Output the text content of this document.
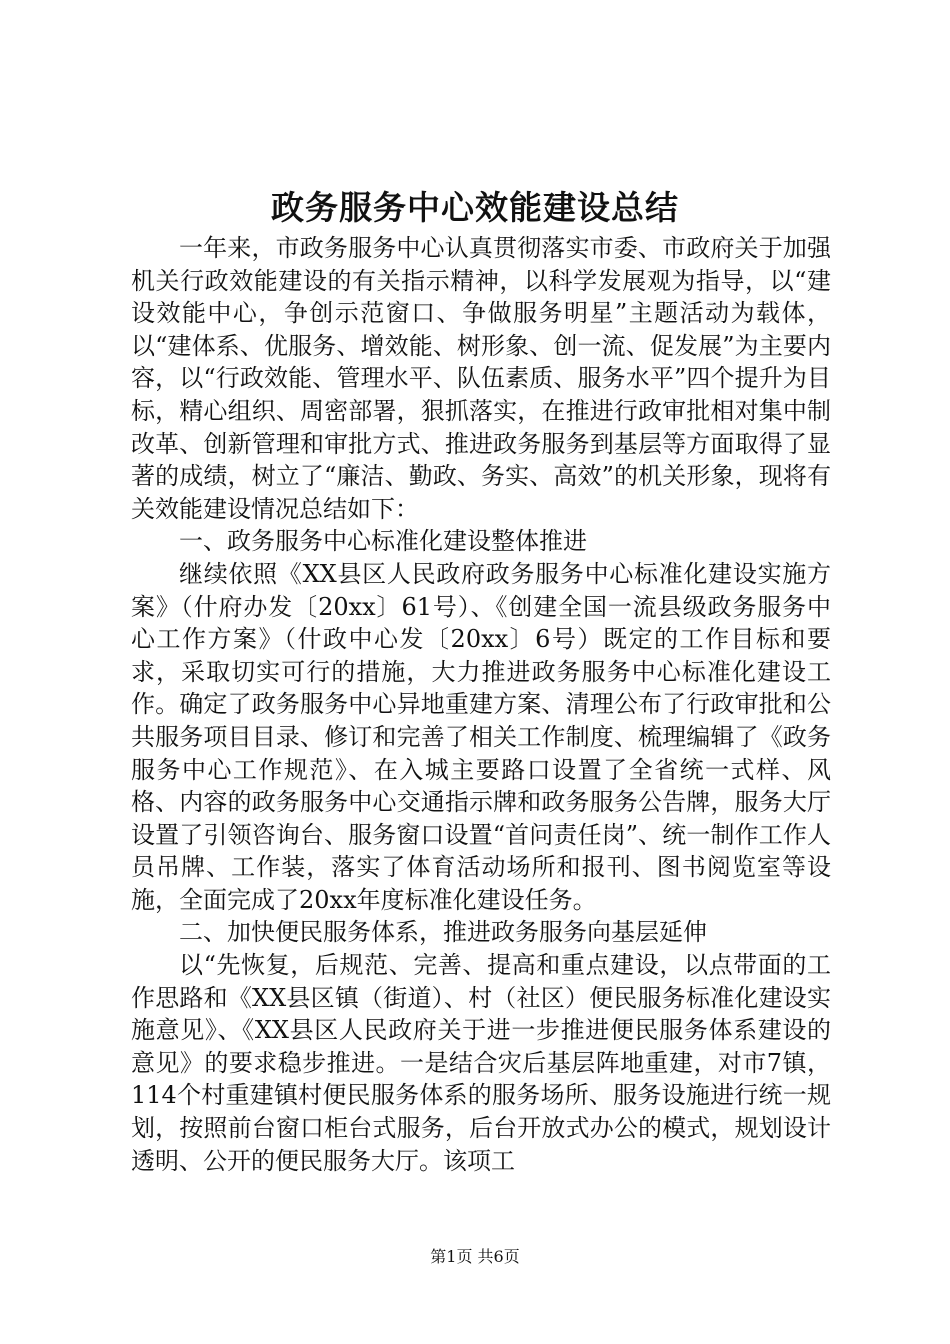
政务服务中心效能建设总结

一年来，市政务服务中心认真贯彻落实市委、市政府关于加强机关行政效能建设的有关指示精神，以科学发展观为指导，以“建设效能中心，争创示范窗口、争做服务明星”主题活动为载体，以“建体系、优服务、增效能、树形象、创一流、促发展”为主要内容，以“行政效能、管理水平、队伍素质、服务水平”四个提升为目标，精心组织、周密部署，狠抓落实，在推进行政审批相对集中制改革、创新管理和审批方式、推进政务服务到基层等方面取得了显著的成绩，树立了“廉洁、勤政、务实、高效”的机关形象，现将有关效能建设情况总结如下：

一、政务服务中心标准化建设整体推进

继续依照《XX县区人民政府政务服务中心标准化建设实施方案》（什府办发〔20xx〕61号）、《创建全国一流县级政务服务中心工作方案》（什政中心发〔20xx〕6号）既定的工作目标和要求，采取切实可行的措施，大力推进政务服务中心标准化建设工作。确定了政务服务中心异地重建方案、清理公布了行政审批和公共服务项目目录、修订和完善了相关工作制度、梳理编辑了《政务服务中心工作规范》、在入城主要路口设置了全省统一式样、风格、内容的政务服务中心交通指示牌和政务服务公告牌，服务大厅设置了引领咨询台、服务窗口设置“首问责任岗”、统一制作工作人员吊牌、工作装，落实了体育活动场所和报刊、图书阅览室等设施，全面完成了20xx年度标准化建设任务。

二、加快便民服务体系，推进政务服务向基层延伸

以“先恢复，后规范、完善、提高和重点建设，以点带面的工作思路和《XX县区镇（街道）、村（社区）便民服务标准化建设实施意见》、《XX县区人民政府关于进一步推进便民服务体系建设的意见》的要求稳步推进。一是结合灾后基层阵地重建，对市7镇，114个村重建镇村便民服务体系的服务场所、服务设施进行统一规划，按照前台窗口柜台式服务，后台开放式办公的模式，规划设计透明、公开的便民服务大厅。该项工

第1页 共6页
